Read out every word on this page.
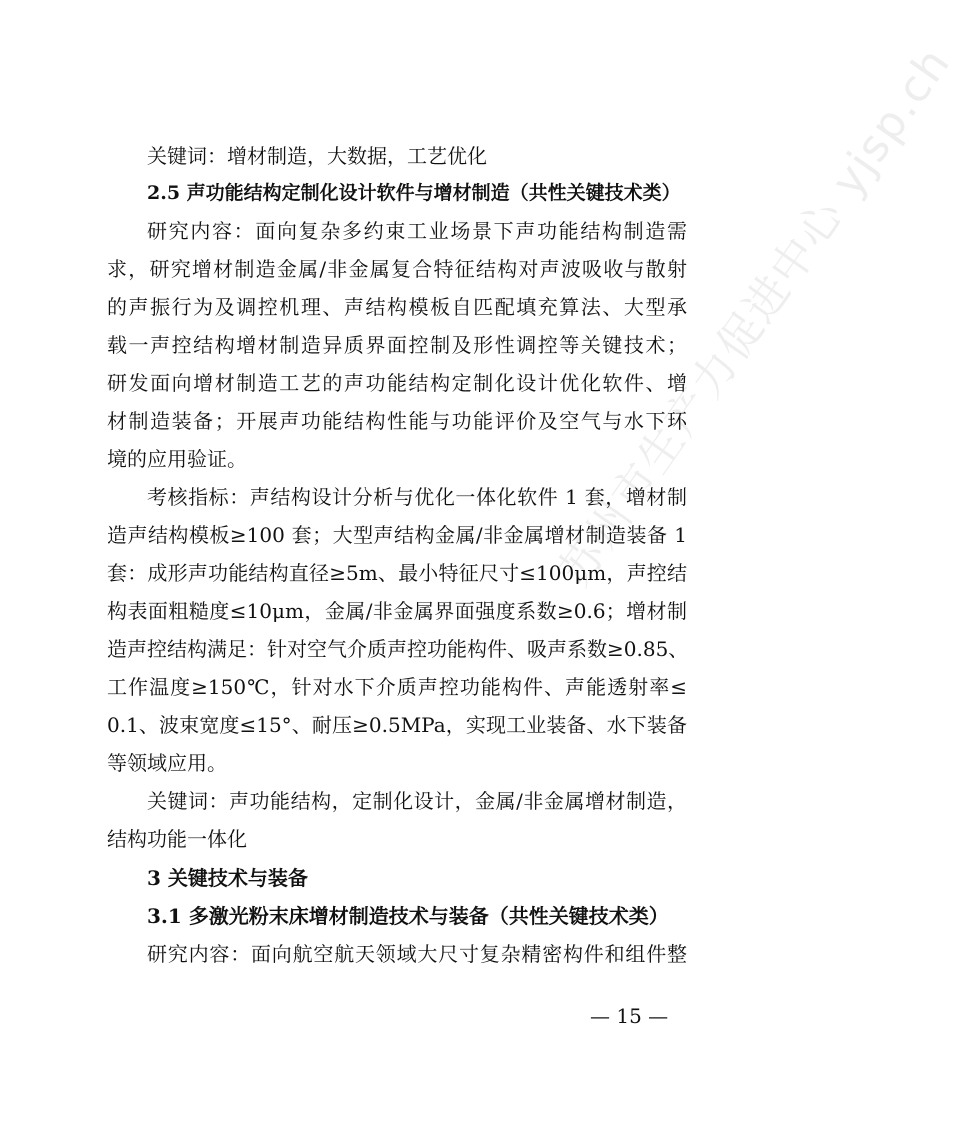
苏州市生产力促进中心 yjsp.ch
关键词：增材制造，大数据，工艺优化
2.5 声功能结构定制化设计软件与增材制造（共性关键技术类）
研究内容：面向复杂多约束工业场景下声功能结构制造需
求，研究增材制造金属/非金属复合特征结构对声波吸收与散射
的声振行为及调控机理、声结构模板自匹配填充算法、大型承
载一声控结构增材制造异质界面控制及形性调控等关键技术；
研发面向增材制造工艺的声功能结构定制化设计优化软件、增
材制造装备；开展声功能结构性能与功能评价及空气与水下环
境的应用验证。
考核指标：声结构设计分析与优化一体化软件 1 套，增材制
造声结构模板≥100 套；大型声结构金属/非金属增材制造装备 1
套：成形声功能结构直径≥5m、最小特征尺寸≤100μm，声控结
构表面粗糙度≤10μm，金属/非金属界面强度系数≥0.6；增材制
造声控结构满足：针对空气介质声控功能构件、吸声系数≥0.85、
工作温度≥150℃，针对水下介质声控功能构件、声能透射率≤
0.1、波束宽度≤15°、耐压≥0.5MPa，实现工业装备、水下装备
等领域应用。
关键词：声功能结构，定制化设计，金属/非金属增材制造，
结构功能一体化
3 关键技术与装备
3.1 多激光粉末床增材制造技术与装备（共性关键技术类）
研究内容：面向航空航天领域大尺寸复杂精密构件和组件整
— 15 —
